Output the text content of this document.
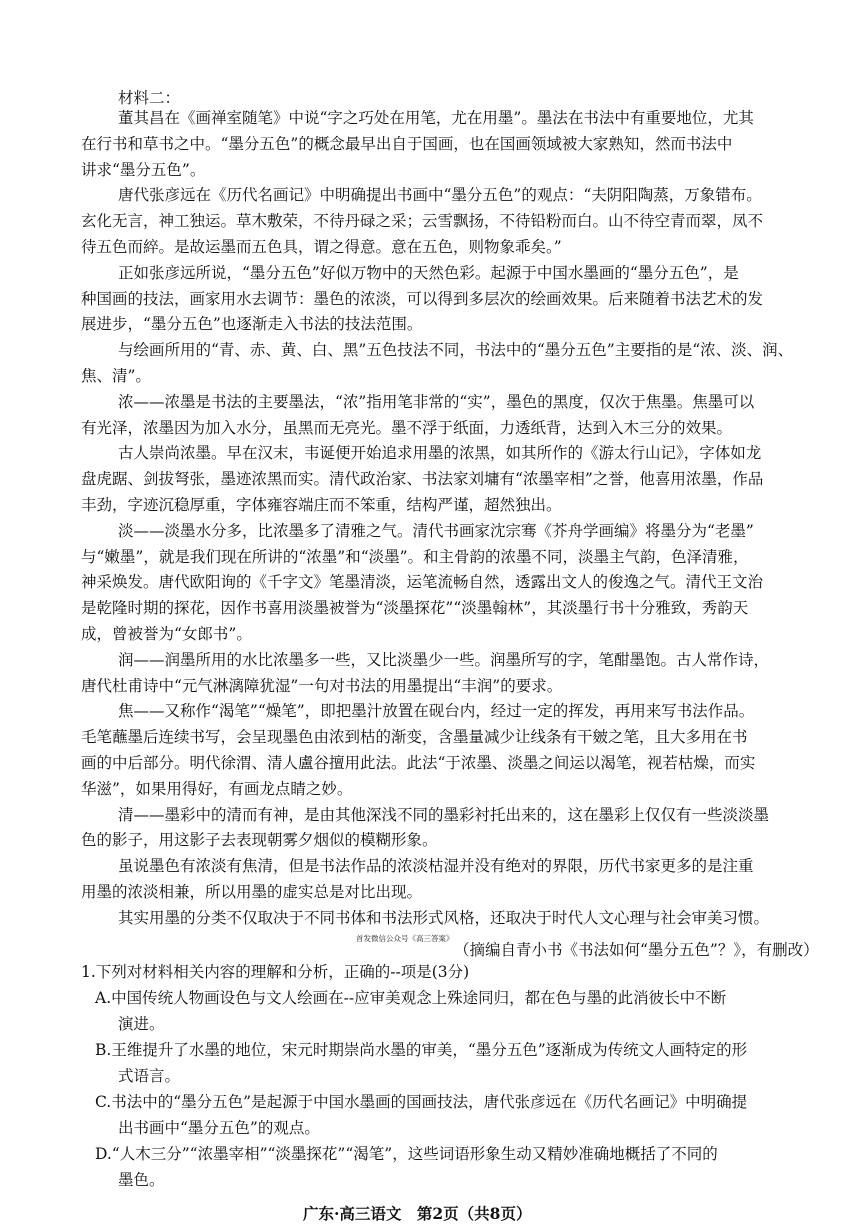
材料二：
董其昌在《画禅室随笔》中说“字之巧处在用笔，尤在用墨”。墨法在书法中有重要地位，尤其
在行书和草书之中。“墨分五色”的概念最早出自于国画，也在国画领域被大家熟知，然而书法中
讲求“墨分五色”。
唐代张彦远在《历代名画记》中明确提出书画中“墨分五色”的观点：“夫阴阳陶蒸，万象错布。
玄化无言，神工独运。草木敷荣，不待丹碌之采；云雪飘扬，不待铅粉而白。山不待空青而翠，凤不
待五色而綷。是故运墨而五色具，谓之得意。意在五色，则物象乖矣。”
正如张彦远所说，“墨分五色”好似万物中的天然色彩。起源于中国水墨画的“墨分五色”，是
种国画的技法，画家用水去调节：墨色的浓淡，可以得到多层次的绘画效果。后来随着书法艺术的发
展进步，“墨分五色”也逐渐走入书法的技法范围。
与绘画所用的“青、赤、黄、白、黑”五色技法不同，书法中的“墨分五色”主要指的是“浓、淡、润、
焦、清”。
浓——浓墨是书法的主要墨法，“浓”指用笔非常的“实”，墨色的黑度，仅次于焦墨。焦墨可以
有光泽，浓墨因为加入水分，虽黑而无亮光。墨不浮于纸面，力透纸背，达到入木三分的效果。
古人崇尚浓墨。早在汉末，韦诞便开始追求用墨的浓黑，如其所作的《游太行山记》，字体如龙
盘虎踞、剑拔弩张，墨迹浓黑而实。清代政治家、书法家刘墉有“浓墨宰相”之誉，他喜用浓墨，作品
丰劲，字迹沉稳厚重，字体雍容端庄而不笨重，结构严谨，超然独出。
淡——淡墨水分多，比浓墨多了清雅之气。清代书画家沈宗骞《芥舟学画编》将墨分为“老墨”
与“嫩墨”，就是我们现在所讲的“浓墨”和“淡墨”。和主骨韵的浓墨不同，淡墨主气韵，色泽清雅，
神采焕发。唐代欧阳询的《千字文》笔墨清淡，运笔流畅自然，透露出文人的俊逸之气。清代王文治
是乾隆时期的探花，因作书喜用淡墨被誉为“淡墨探花”“淡墨翰林”，其淡墨行书十分雅致，秀韵天
成，曾被誉为“女郎书”。
润——润墨所用的水比浓墨多一些，又比淡墨少一些。润墨所写的字，笔酣墨饱。古人常作诗，
唐代杜甫诗中“元气淋漓障犹湿”一句对书法的用墨提出“丰润”的要求。
焦——又称作“渴笔”“燥笔”，即把墨汁放置在砚台内，经过一定的挥发，再用来写书法作品。
毛笔蘸墨后连续书写，会呈现墨色由浓到枯的渐变，含墨量减少让线条有干皴之笔，且大多用在书
画的中后部分。明代徐渭、清人盧谷擅用此法。此法“于浓墨、淡墨之间运以渴笔，视若枯燥，而实
华滋”，如果用得好，有画龙点睛之妙。
清——墨彩中的清而有神，是由其他深浅不同的墨彩衬托出来的，这在墨彩上仅仅有一些淡淡墨
色的影子，用这影子去表现朝雾夕烟似的模糊形象。
虽说墨色有浓淡有焦清，但是书法作品的浓淡枯湿并没有绝对的界限，历代书家更多的是注重
用墨的浓淡相兼，所以用墨的虚实总是对比出现。
其实用墨的分类不仅取决于不同书体和书法形式风格，还取决于时代人文心理与社会审美习惯。
首发微信公众号《高三答案》
（摘编自青小书《书法如何“墨分五色”？》，有删改）
1.下列对材料相关内容的理解和分析，正确的--项是(3分)
A.中国传统人物画设色与文人绘画在--应审美观念上殊途同归，都在色与墨的此消彼长中不断
演进。
B.王维提升了水墨的地位，宋元时期崇尚水墨的审美，“墨分五色”逐渐成为传统文人画特定的形
式语言。
C.书法中的“墨分五色”是起源于中国水墨画的国画技法，唐代张彦远在《历代名画记》中明确提
出书画中“墨分五色”的观点。
D.“人木三分”“浓墨宰相”“淡墨探花”“渴笔”，这些词语形象生动又精妙准确地概括了不同的
墨色。
广东·高三语文　第2页（共8页）
